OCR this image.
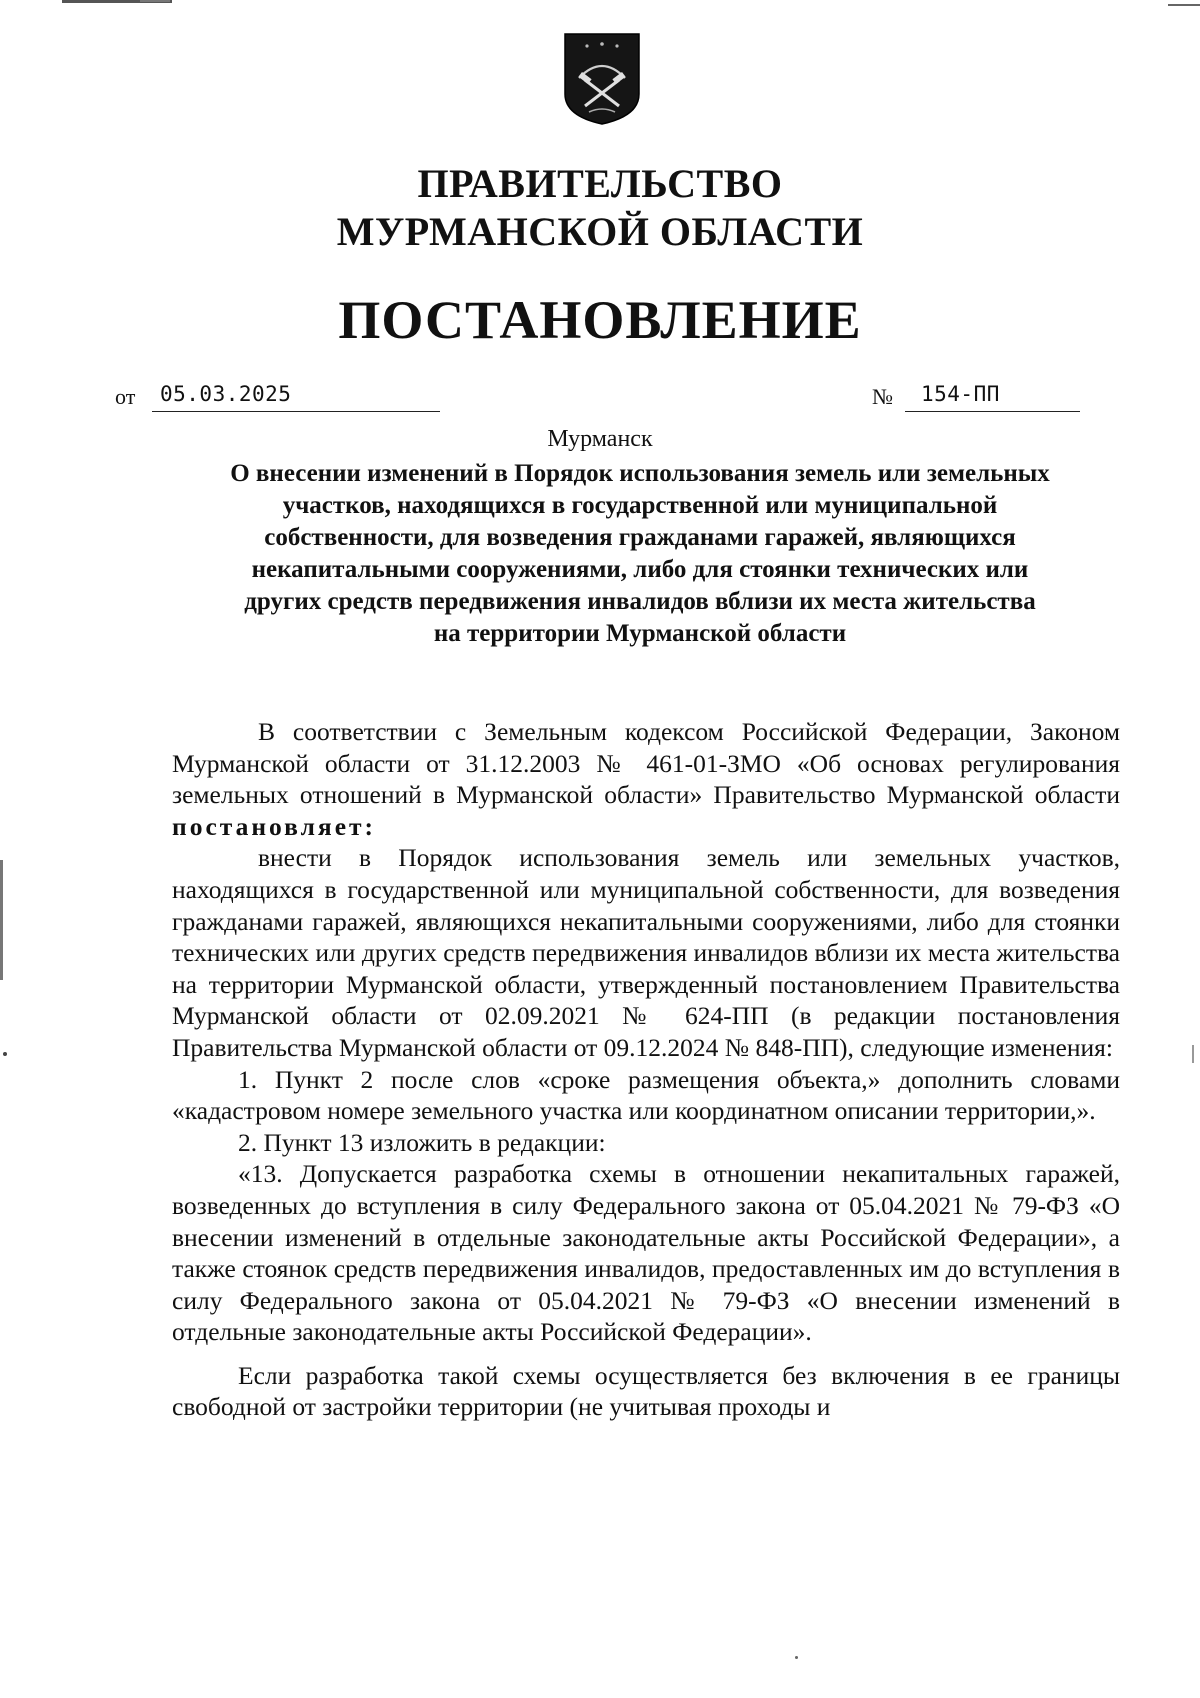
ПРАВИТЕЛЬСТВО
МУРМАНСКОЙ ОБЛАСТИ
ПОСТАНОВЛЕНИЕ
от	05.03.2025	№	154-ПП
Мурманск
О внесении изменений в Порядок использования земель или земельных
участков, находящихся в государственной или муниципальной
собственности, для возведения гражданами гаражей, являющихся
некапитальными сооружениями, либо для стоянки технических или
других средств передвижения инвалидов вблизи их места жительства
на территории Мурманской области

В соответствии с Земельным кодексом Российской Федерации, Законом Мурманской области от 31.12.2003 № 461-01-ЗМО «Об основах регулирования земельных отношений в Мурманской области» Правительство Мурманской области постановляет:

внести в Порядок использования земель или земельных участков, находящихся в государственной или муниципальной собственности, для возведения гражданами гаражей, являющихся некапитальными сооружениями, либо для стоянки технических или других средств передвижения инвалидов вблизи их места жительства на территории Мурманской области, утвержденный постановлением Правительства Мурманской области от 02.09.2021 № 624-ПП (в редакции постановления Правительства Мурманской области от 09.12.2024 № 848-ПП), следующие изменения:

1. Пункт 2 после слов «сроке размещения объекта,» дополнить словами «кадастровом номере земельного участка или координатном описании территории,».

2. Пункт 13 изложить в редакции:

«13. Допускается разработка схемы в отношении некапитальных гаражей, возведенных до вступления в силу Федерального закона от 05.04.2021 № 79-ФЗ «О внесении изменений в отдельные законодательные акты Российской Федерации», а также стоянок средств передвижения инвалидов, предоставленных им до вступления в силу Федерального закона от 05.04.2021 № 79-ФЗ «О внесении изменений в отдельные законодательные акты Российской Федерации».

Если разработка такой схемы осуществляется без включения в ее границы свободной от застройки территории (не учитывая проходы и
